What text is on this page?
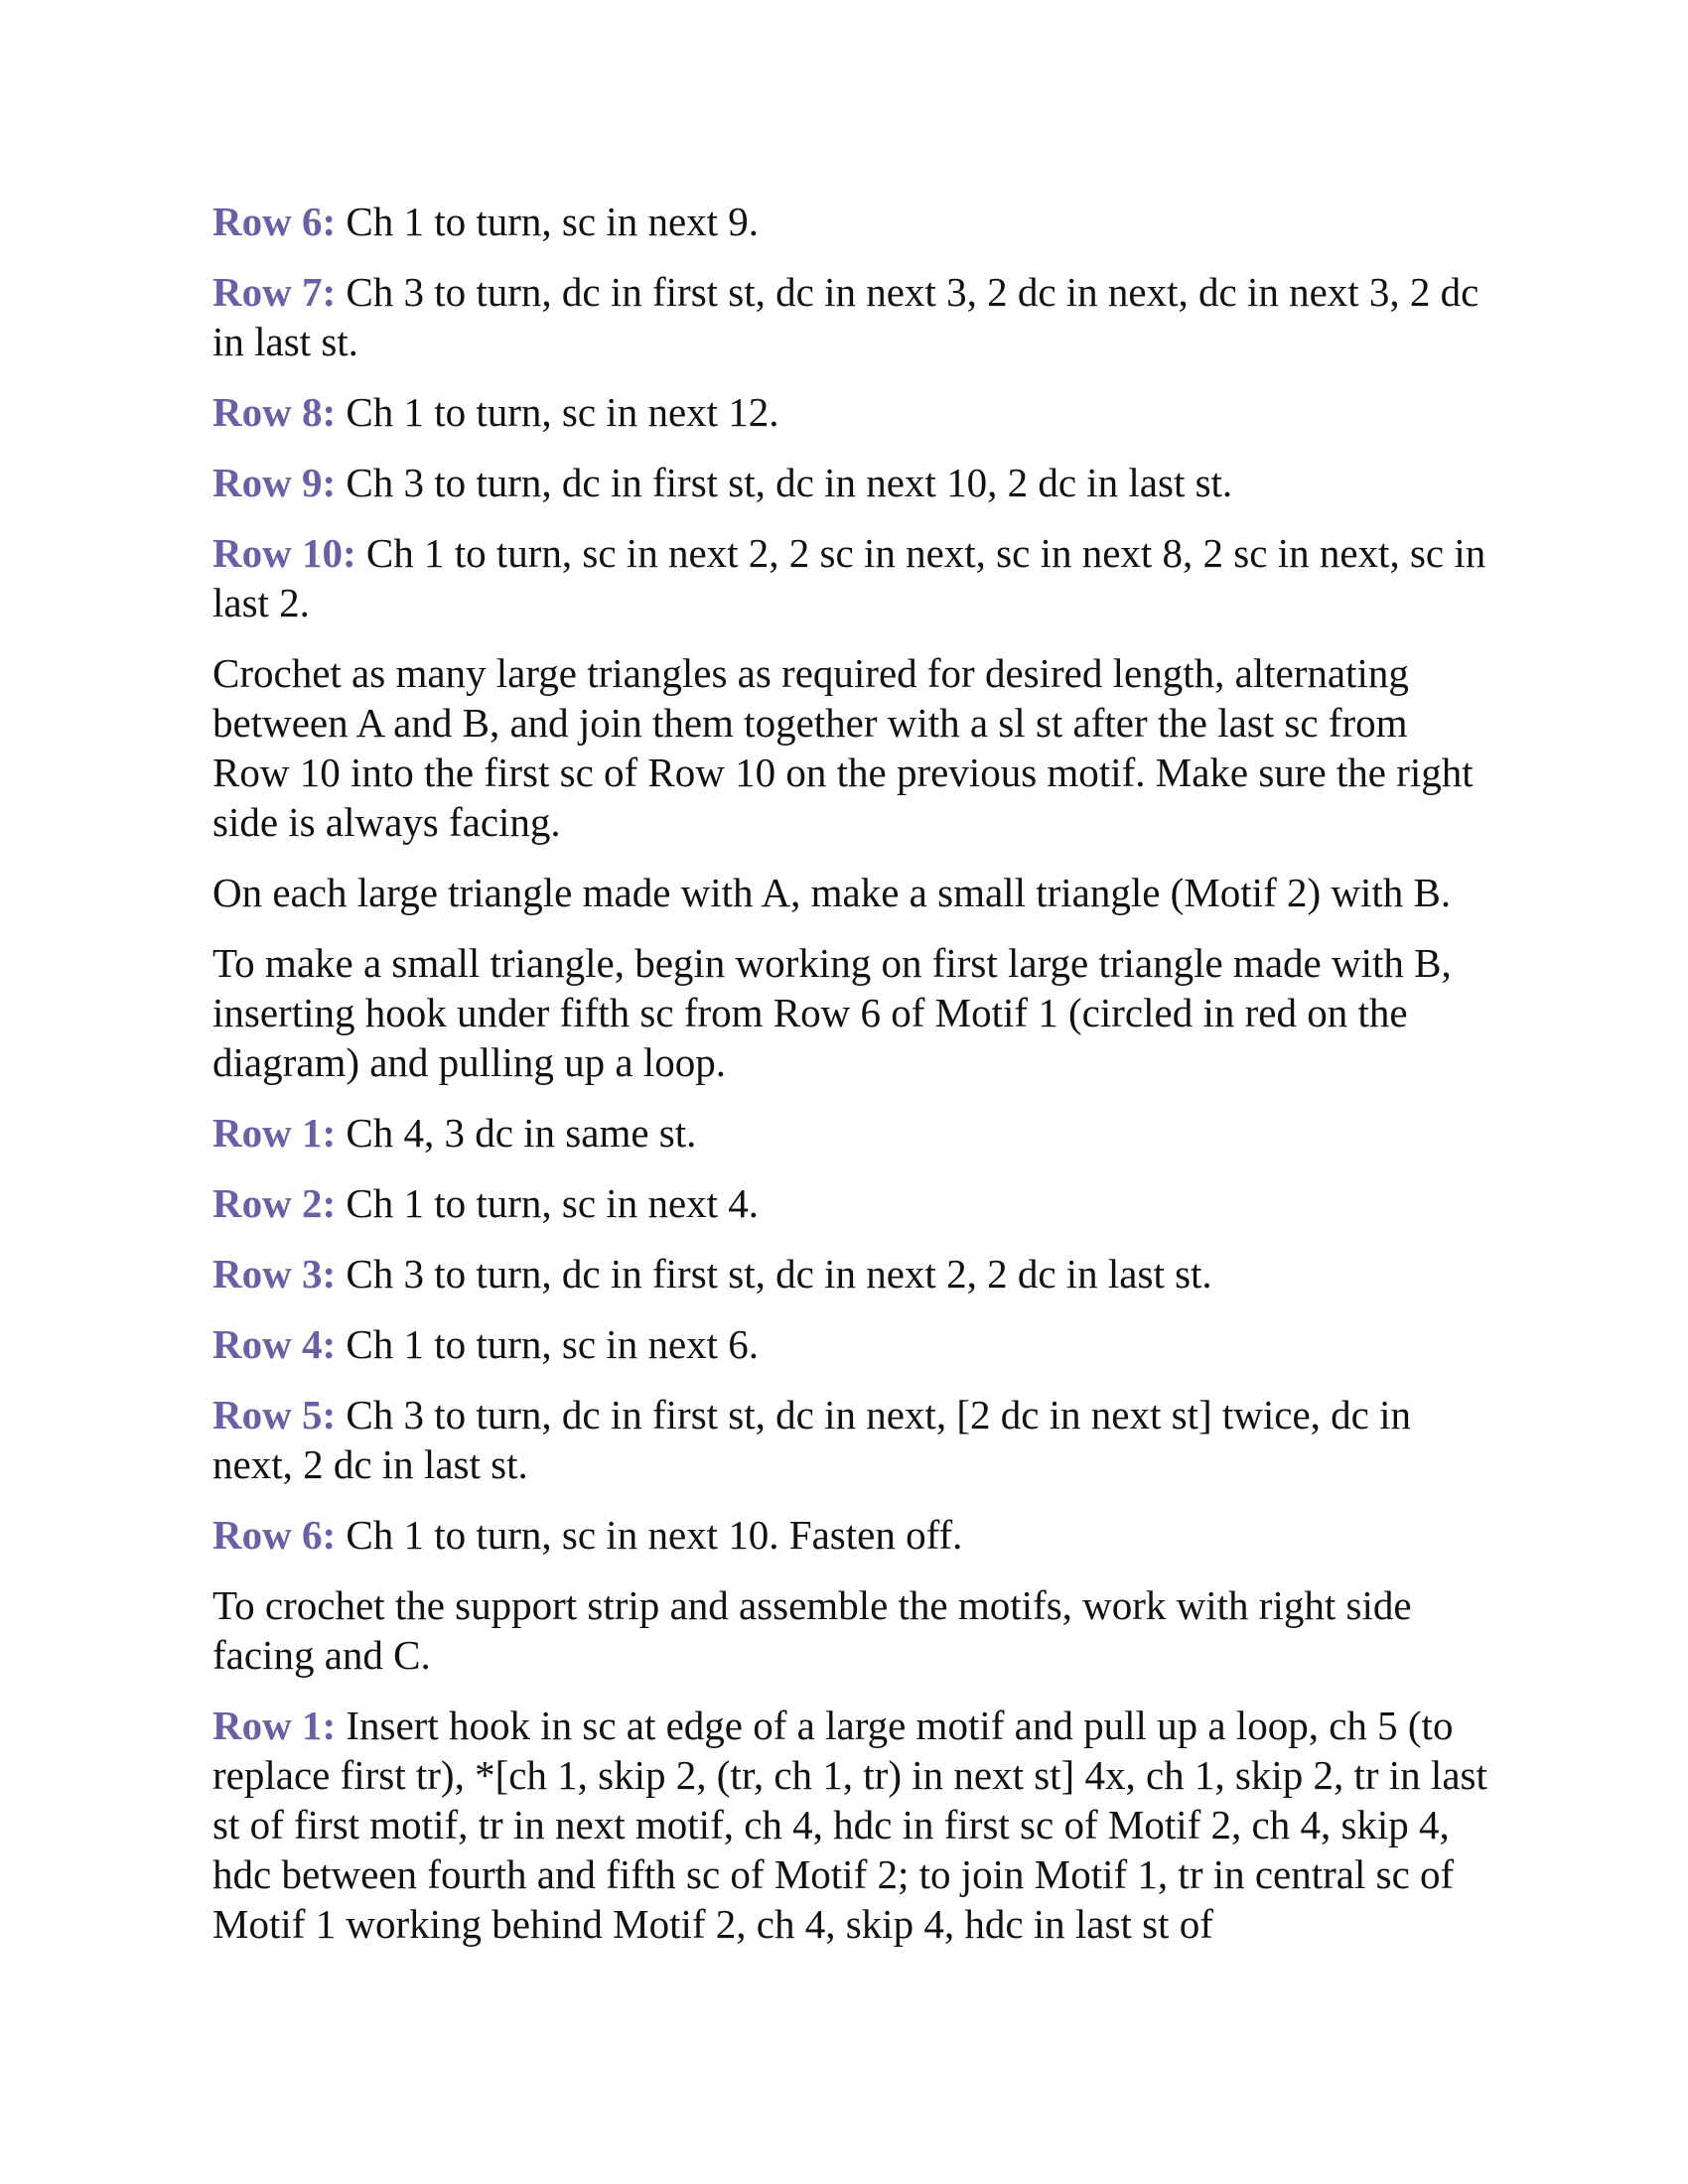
Row 6: Ch 1 to turn, sc in next 9.

Row 7: Ch 3 to turn, dc in first st, dc in next 3, 2 dc in next, dc in next 3, 2 dc in last st.

Row 8: Ch 1 to turn, sc in next 12.

Row 9: Ch 3 to turn, dc in first st, dc in next 10, 2 dc in last st.

Row 10: Ch 1 to turn, sc in next 2, 2 sc in next, sc in next 8, 2 sc in next, sc in last 2.

Crochet as many large triangles as required for desired length, alternating between A and B, and join them together with a sl st after the last sc from Row 10 into the first sc of Row 10 on the previous motif. Make sure the right side is always facing.

On each large triangle made with A, make a small triangle (Motif 2) with B.

To make a small triangle, begin working on first large triangle made with B, inserting hook under fifth sc from Row 6 of Motif 1 (circled in red on the diagram) and pulling up a loop.

Row 1: Ch 4, 3 dc in same st.

Row 2: Ch 1 to turn, sc in next 4.

Row 3: Ch 3 to turn, dc in first st, dc in next 2, 2 dc in last st.

Row 4: Ch 1 to turn, sc in next 6.

Row 5: Ch 3 to turn, dc in first st, dc in next, [2 dc in next st] twice, dc in next, 2 dc in last st.

Row 6: Ch 1 to turn, sc in next 10. Fasten off.

To crochet the support strip and assemble the motifs, work with right side facing and C.

Row 1: Insert hook in sc at edge of a large motif and pull up a loop, ch 5 (to replace first tr), *[ch 1, skip 2, (tr, ch 1, tr) in next st] 4x, ch 1, skip 2, tr in last st of first motif, tr in next motif, ch 4, hdc in first sc of Motif 2, ch 4, skip 4, hdc between fourth and fifth sc of Motif 2; to join Motif 1, tr in central sc of Motif 1 working behind Motif 2, ch 4, skip 4, hdc in last st of
